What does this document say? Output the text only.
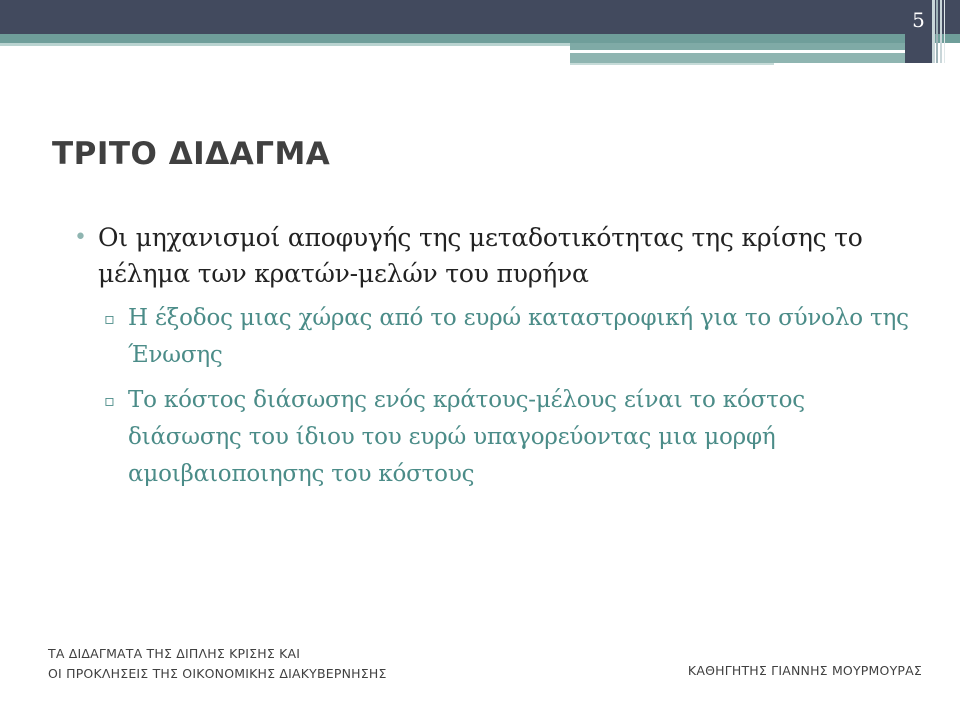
5
ΤΡΙΤΟ ΔΙΔΑΓΜΑ
• Οι μηχανισμοί αποφυγής της μεταδοτικότητας της κρίσης το μέλημα των κρατών-μελών του πυρήνα
▫ Η έξοδος μιας χώρας από το ευρώ καταστροφική για το σύνολο της Ένωσης
▫ Το κόστος διάσωσης ενός κράτους-μέλους είναι το κόστος διάσωσης του ίδιου του ευρώ υπαγορεύοντας μια μορφή αμοιβαιοποιησης του κόστους
ΤΑ ΔΙΔΑΓΜΑΤΑ ΤΗΣ ΔΙΠΛΗΣ ΚΡΙΣΗΣ ΚΑΙ
ΟΙ ΠΡΟΚΛΗΣΕΙΣ ΤΗΣ ΟΙΚΟΝΟΜΙΚΗΣ ΔΙΑΚΥΒΕΡΝΗΣΗΣ	ΚΑΘΗΓΗΤΗΣ ΓΙΑΝΝΗΣ ΜΟΥΡΜΟΥΡΑΣ
